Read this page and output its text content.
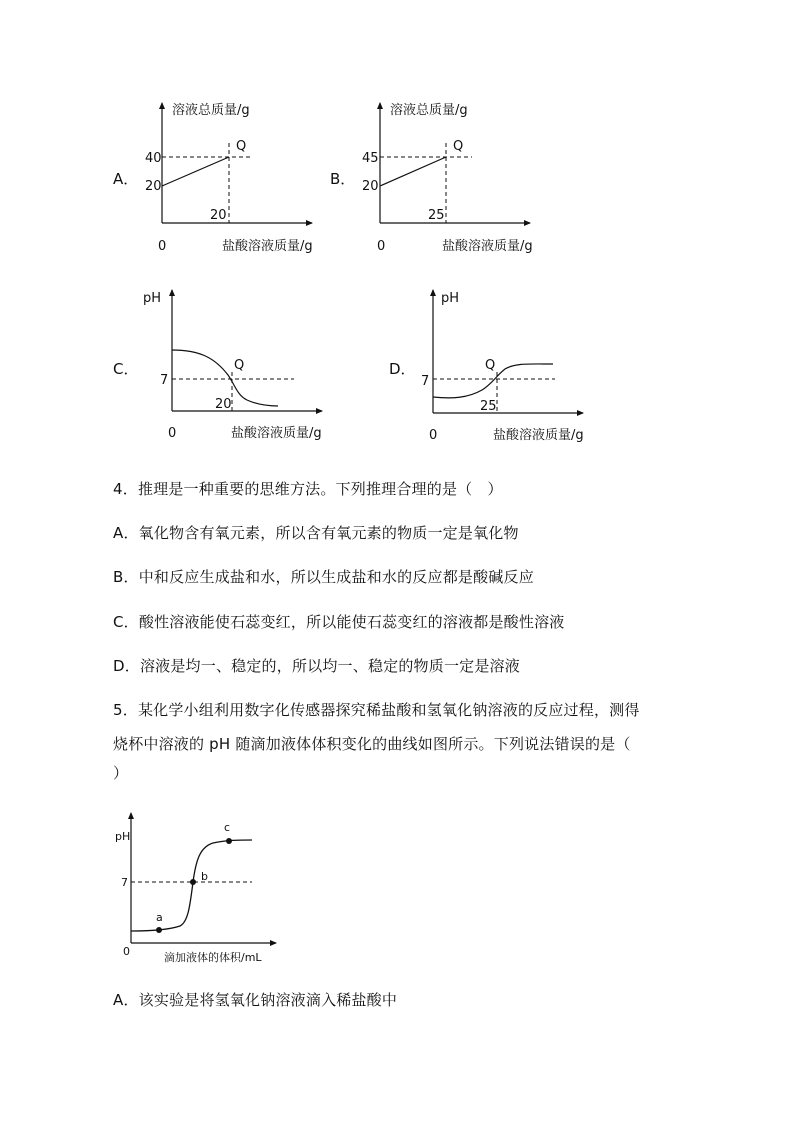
溶液总质量/g
Q
40
20
20
0	盐酸溶液质量/g
A．
溶液总质量/g
Q
45
20
25
0	盐酸溶液质量/g
B．
pH
Q
7
20
0	盐酸溶液质量/g
C．
pH
Q
7
25
0	盐酸溶液质量/g
D．
pH
7
0	滴加液体的体积/mL
a
b
c
4．推理是一种重要的思维方法。下列推理合理的是（　）
A．氧化物含有氧元素，所以含有氧元素的物质一定是氧化物
B．中和反应生成盐和水，所以生成盐和水的反应都是酸碱反应
C．酸性溶液能使石蕊变红，所以能使石蕊变红的溶液都是酸性溶液
D．溶液是均一、稳定的，所以均一、稳定的物质一定是溶液
5．某化学小组利用数字化传感器探究稀盐酸和氢氧化钠溶液的反应过程，测得
烧杯中溶液的 pH 随滴加液体体积变化的曲线如图所示。下列说法错误的是（
）
A．该实验是将氢氧化钠溶液滴入稀盐酸中
